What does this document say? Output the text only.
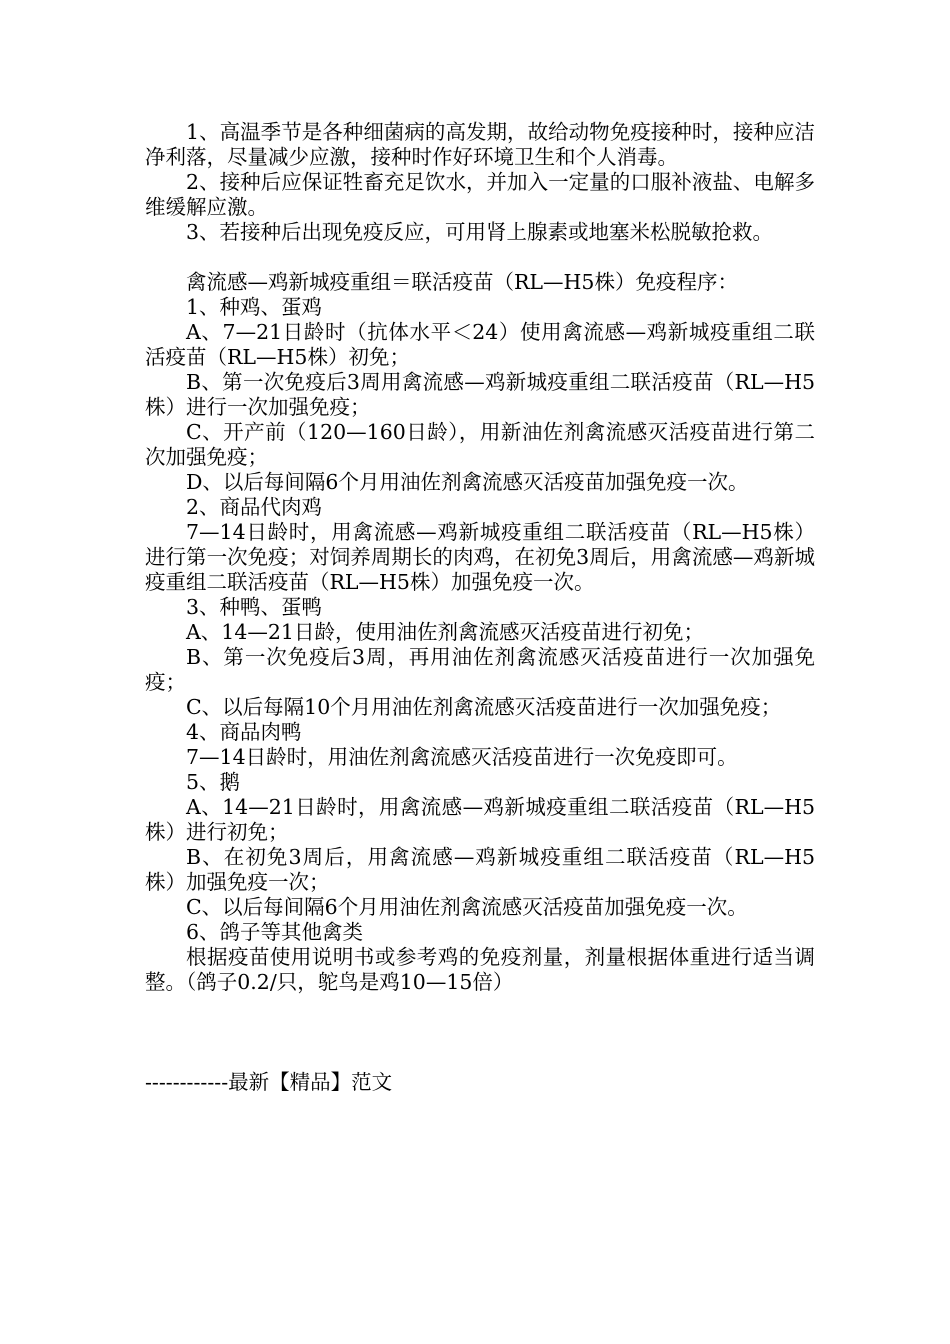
1、高温季节是各种细菌病的高发期，故给动物免疫接种时，接种应洁净利落，尽量减少应激，接种时作好环境卫生和个人消毒。

2、接种后应保证牲畜充足饮水，并加入一定量的口服补液盐、电解多维缓解应激。

3、若接种后出现免疫反应，可用肾上腺素或地塞米松脱敏抢救。

禽流感—鸡新城疫重组＝联活疫苗（RL—H5株）免疫程序：

1、种鸡、蛋鸡

A、7—21日龄时（抗体水平＜24）使用禽流感—鸡新城疫重组二联活疫苗（RL—H5株）初免；

B、第一次免疫后3周用禽流感—鸡新城疫重组二联活疫苗（RL—H5株）进行一次加强免疫；

C、开产前（120—160日龄），用新油佐剂禽流感灭活疫苗进行第二次加强免疫；

D、以后每间隔6个月用油佐剂禽流感灭活疫苗加强免疫一次。

2、商品代肉鸡

7—14日龄时，用禽流感—鸡新城疫重组二联活疫苗（RL—H5株）进行第一次免疫；对饲养周期长的肉鸡，在初免3周后，用禽流感—鸡新城疫重组二联活疫苗（RL—H5株）加强免疫一次。

3、种鸭、蛋鸭

A、14—21日龄，使用油佐剂禽流感灭活疫苗进行初免；

B、第一次免疫后3周，再用油佐剂禽流感灭活疫苗进行一次加强免疫；

C、以后每隔10个月用油佐剂禽流感灭活疫苗进行一次加强免疫；

4、商品肉鸭

7—14日龄时，用油佐剂禽流感灭活疫苗进行一次免疫即可。

5、鹅

A、14—21日龄时，用禽流感—鸡新城疫重组二联活疫苗（RL—H5株）进行初免；

B、在初免3周后，用禽流感—鸡新城疫重组二联活疫苗（RL—H5株）加强免疫一次；

C、以后每间隔6个月用油佐剂禽流感灭活疫苗加强免疫一次。

6、鸽子等其他禽类

根据疫苗使用说明书或参考鸡的免疫剂量，剂量根据体重进行适当调整。（鸽子0.2/只，鸵鸟是鸡10—15倍）

------------最新【精品】范文
